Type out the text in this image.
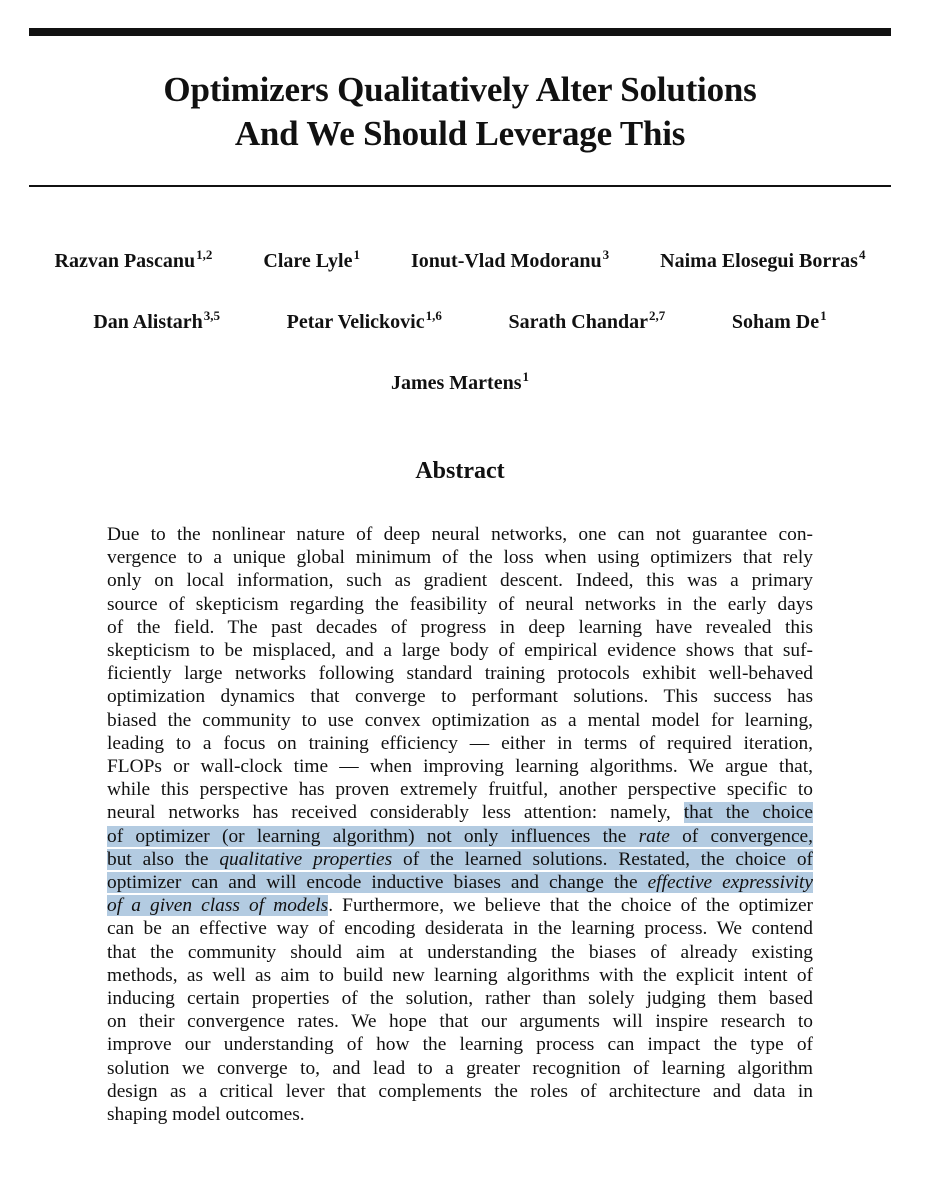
Optimizers Qualitatively Alter Solutions
And We Should Leverage This
Razvan Pascanu$^{1,2}$	Clare Lyle$^1$	Ionut-Vlad Modoranu$^3$	Naima Elosegui Borras$^4$
Dan Alistarh$^{3,5}$	Petar Velickovic$^{1,6}$	Sarath Chandar$^{2,7}$	Soham De$^1$
James Martens$^1$
Abstract
Due to the nonlinear nature of deep neural networks, one can not guarantee con-
vergence to a unique global minimum of the loss when using optimizers that rely
only on local information, such as gradient descent. Indeed, this was a primary
source of skepticism regarding the feasibility of neural networks in the early days
of the field. The past decades of progress in deep learning have revealed this
skepticism to be misplaced, and a large body of empirical evidence shows that suf-
ficiently large networks following standard training protocols exhibit well-behaved
optimization dynamics that converge to performant solutions. This success has
biased the community to use convex optimization as a mental model for learning,
leading to a focus on training efficiency — either in terms of required iteration,
FLOPs or wall-clock time — when improving learning algorithms. We argue that,
while this perspective has proven extremely fruitful, another perspective specific to
neural networks has received considerably less attention: namely, that the choice
of optimizer (or learning algorithm) not only influences the rate of convergence,
but also the qualitative properties of the learned solutions. Restated, the choice of
optimizer can and will encode inductive biases and change the effective expressivity
of a given class of models. Furthermore, we believe that the choice of the optimizer
can be an effective way of encoding desiderata in the learning process. We contend
that the community should aim at understanding the biases of already existing
methods, as well as aim to build new learning algorithms with the explicit intent of
inducing certain properties of the solution, rather than solely judging them based
on their convergence rates. We hope that our arguments will inspire research to
improve our understanding of how the learning process can impact the type of
solution we converge to, and lead to a greater recognition of learning algorithm
design as a critical lever that complements the roles of architecture and data in
shaping model outcomes.
